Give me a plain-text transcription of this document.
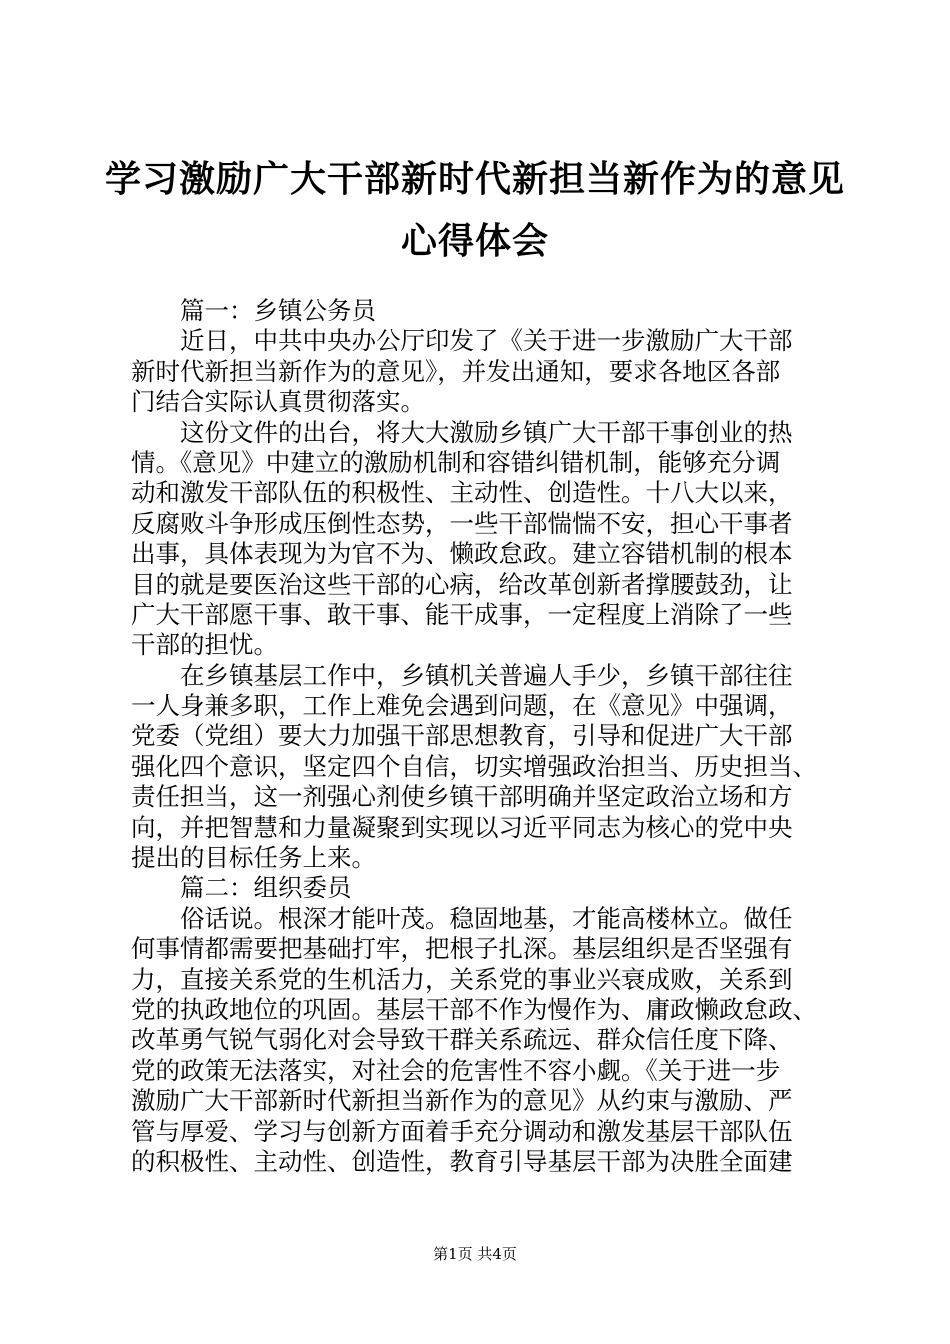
学习激励广大干部新时代新担当新作为的意见
心得体会
篇一：乡镇公务员
近日，中共中央办公厅印发了《关于进一步激励广大干部
新时代新担当新作为的意见》，并发出通知，要求各地区各部
门结合实际认真贯彻落实。
这份文件的出台，将大大激励乡镇广大干部干事创业的热
情。《意见》中建立的激励机制和容错纠错机制，能够充分调
动和激发干部队伍的积极性、主动性、创造性。十八大以来，
反腐败斗争形成压倒性态势，一些干部惴惴不安，担心干事者
出事，具体表现为为官不为、懒政怠政。建立容错机制的根本
目的就是要医治这些干部的心病，给改革创新者撑腰鼓劲，让
广大干部愿干事、敢干事、能干成事，一定程度上消除了一些
干部的担忧。
在乡镇基层工作中，乡镇机关普遍人手少，乡镇干部往往
一人身兼多职，工作上难免会遇到问题，在《意见》中强调，
党委（党组）要大力加强干部思想教育，引导和促进广大干部
强化四个意识，坚定四个自信，切实增强政治担当、历史担当、
责任担当，这一剂强心剂使乡镇干部明确并坚定政治立场和方
向，并把智慧和力量凝聚到实现以习近平同志为核心的党中央
提出的目标任务上来。
篇二：组织委员
俗话说。根深才能叶茂。稳固地基，才能高楼林立。做任
何事情都需要把基础打牢，把根子扎深。基层组织是否坚强有
力，直接关系党的生机活力，关系党的事业兴衰成败，关系到
党的执政地位的巩固。基层干部不作为慢作为、庸政懒政怠政、
改革勇气锐气弱化对会导致干群关系疏远、群众信任度下降、
党的政策无法落实，对社会的危害性不容小觑。《关于进一步
激励广大干部新时代新担当新作为的意见》从约束与激励、严
管与厚爱、学习与创新方面着手充分调动和激发基层干部队伍
的积极性、主动性、创造性，教育引导基层干部为决胜全面建
第1页 共4页
